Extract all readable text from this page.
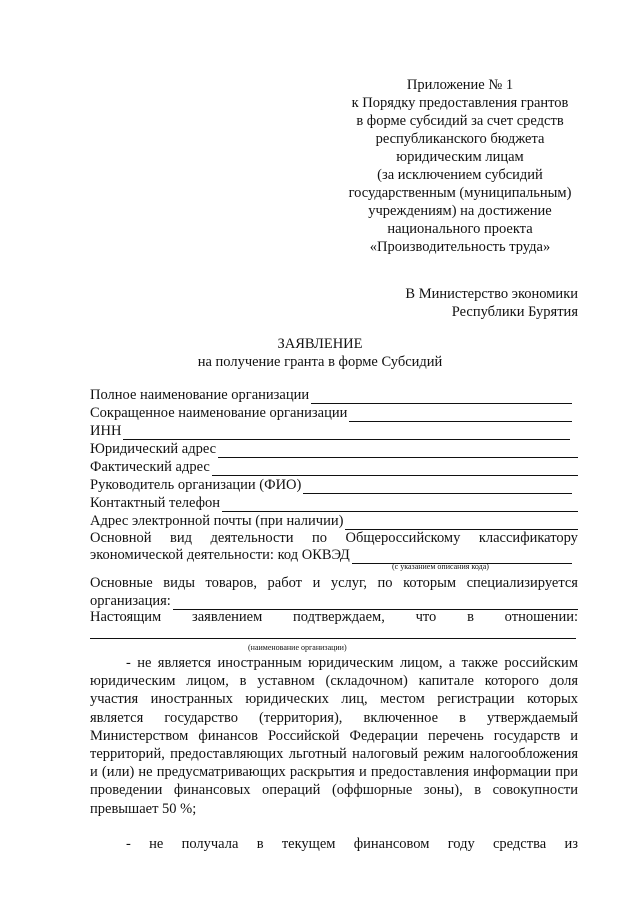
Приложение № 1
к Порядку предоставления грантов
в форме субсидий за счет средств
республиканского бюджета
юридическим лицам
(за исключением субсидий
государственным (муниципальным)
учреждениям) на достижение
национального проекта
«Производительность труда»
В Министерство экономики
Республики Бурятия
ЗАЯВЛЕНИЕ
на получение гранта в форме Субсидий
Полное наименование организации
Сокращенное наименование организации
ИНН
Юридический адрес
Фактический адрес
Руководитель организации (ФИО)
Контактный телефон
Адрес электронной почты (при наличии)
Основной вид деятельности по Общероссийскому классификатору
экономической деятельности: код ОКВЭД
(с указанием описания кода)
Основные виды товаров, работ и услуг, по которым специализируется
организация:
Настоящим заявлением подтверждаем, что в отношении:
(наименование организации)
- не является иностранным юридическим лицом, а также российским юридическим лицом, в уставном (складочном) капитале которого доля участия иностранных юридических лиц, местом регистрации которых является государство (территория), включенное в утверждаемый Министерством финансов Российской Федерации перечень государств и территорий, предоставляющих льготный налоговый режим налогообложения и (или) не предусматривающих раскрытия и предоставления информации при проведении финансовых операций (оффшорные зоны), в совокупности превышает 50 %;
- не получала в текущем финансовом году средства из
